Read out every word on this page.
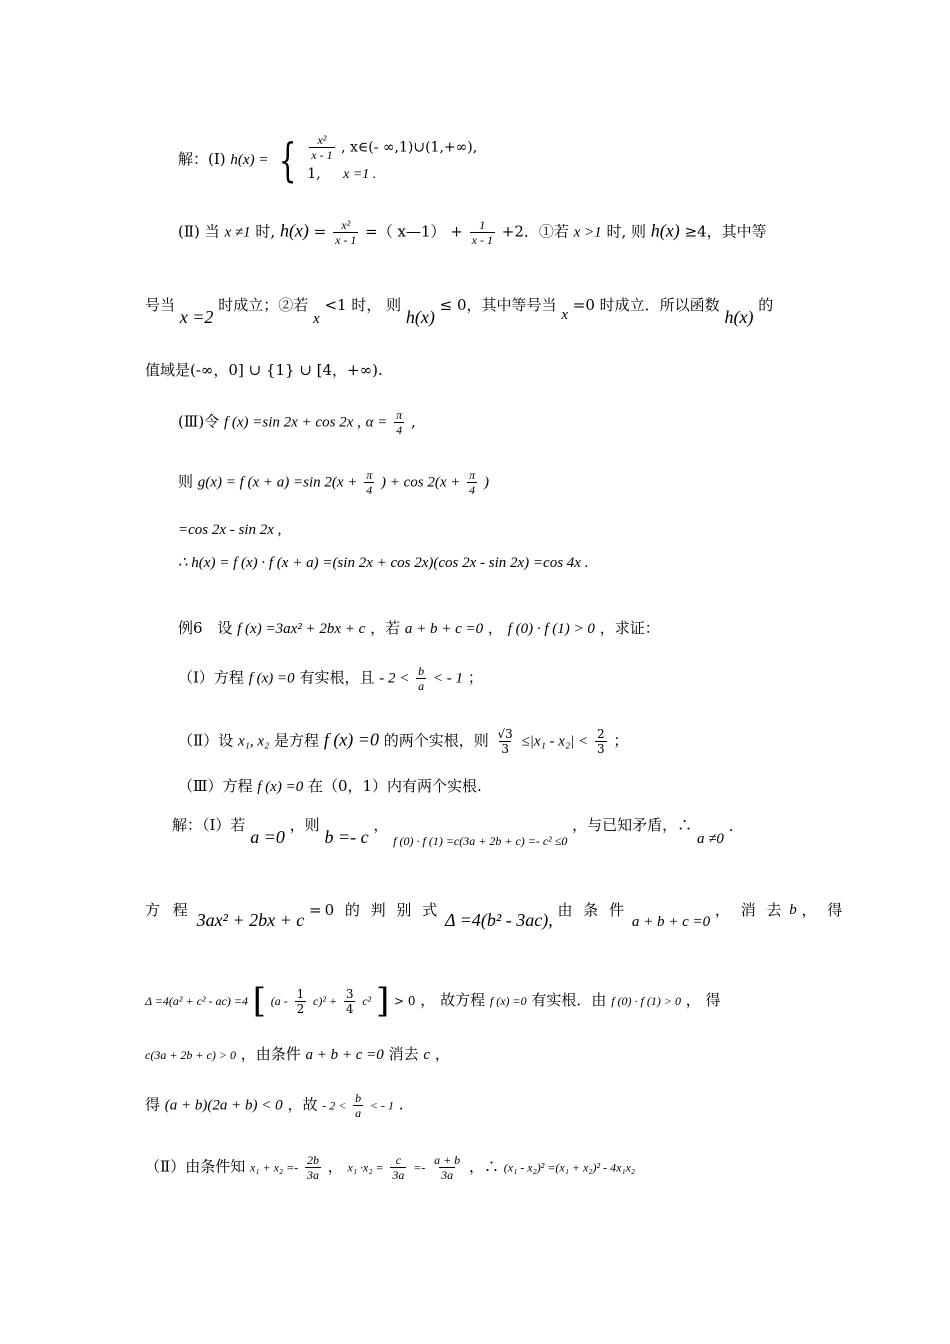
解：(Ⅰ) h(x) = { $\frac{\text{x²}}{x - 1}$ , x∈(- ∞,1)∪(1,+∞),
1, x =1 .
(Ⅱ) 当 x ≠1 时, $h(x) = \frac{\text{x²}}{x - 1}$ =（ x—1） + $\frac{1}{x - 1} +2$．①若 x >1 时, 则 h(x) ≥4，其中等
号当 x =2 时成立；②若 x <1 时， 则 h(x) ≤ 0，其中等号当 x =0 时成立．所以函数 h(x) 的
值域是(-∞，0] ∪ {1} ∪ [4，+∞).
(Ⅲ)令 f (x) =sin 2x + cos 2x , $\alpha = \frac{\pi}{4}$ ,
则 g(x) = f (x + a) =sin $2(x + \frac{\pi}{4}$ ) + $\cos 2(x + \frac{\pi}{4}$ )
=cos 2x - sin 2x ,
∴ h(x) = f (x) · f (x + a) =(sin 2x + cos 2x)(cos 2x - sin 2x) =cos 4x .
例6 设 f (x) =3ax² + 2bx + c ，若 a + b + c =0 ， f (0) · f (1) > 0 ，求证：
（Ⅰ）方程 f (x) =0 有实根，且 - $2 < \frac{b}{a}$ < - 1 ；
（Ⅱ）设 x₁, x₂ 是方程 f (x) =0 的两个实根，则 $\frac{√3}{3} \le|x_1 - x_2| < \frac{2}{3}$ ；
（Ⅲ）方程 f (x) =0 在（0，1）内有两个实根.
解：（Ⅰ）若 a =0 ，则 b =- c ， $_{f (0) \cdot f (1) =c(3a + 2b + c) =- c^2 \le 0}$ ，与已知矛盾，∴ a ≠0 .
方 程 3ax² + 2bx + c =0 的 判 别 式 Δ =4(b² - 3ac), 由 条 件 a + b + c =0 ， 消 去 b ， 得
Δ =4(a² + c² - ac) =4 [ $(a - \frac{1}{2} c)^2 + \frac{3}{4} c^2$ ] > 0 ， 故方程 f (x) =0 有实根．由 f (0) · f (1) > 0 ， 得
c(3a + 2b + c) > 0 ，由条件 a + b + c =0 消去 c ，
得 (a + b)(2a + b) < 0 ，故 - $2 < \frac{b}{a}$ < - 1 .
（Ⅱ）由条件知 $x_1 + x_2 =- \frac{2b}{3a}$ ， $x_1 \cdot x_2 = \frac{c}{3a} =- \frac{a + b}{3a}$ ，∴ (x₁ - x₂)² =(x₁ + x₂)² - 4x₁x₂
